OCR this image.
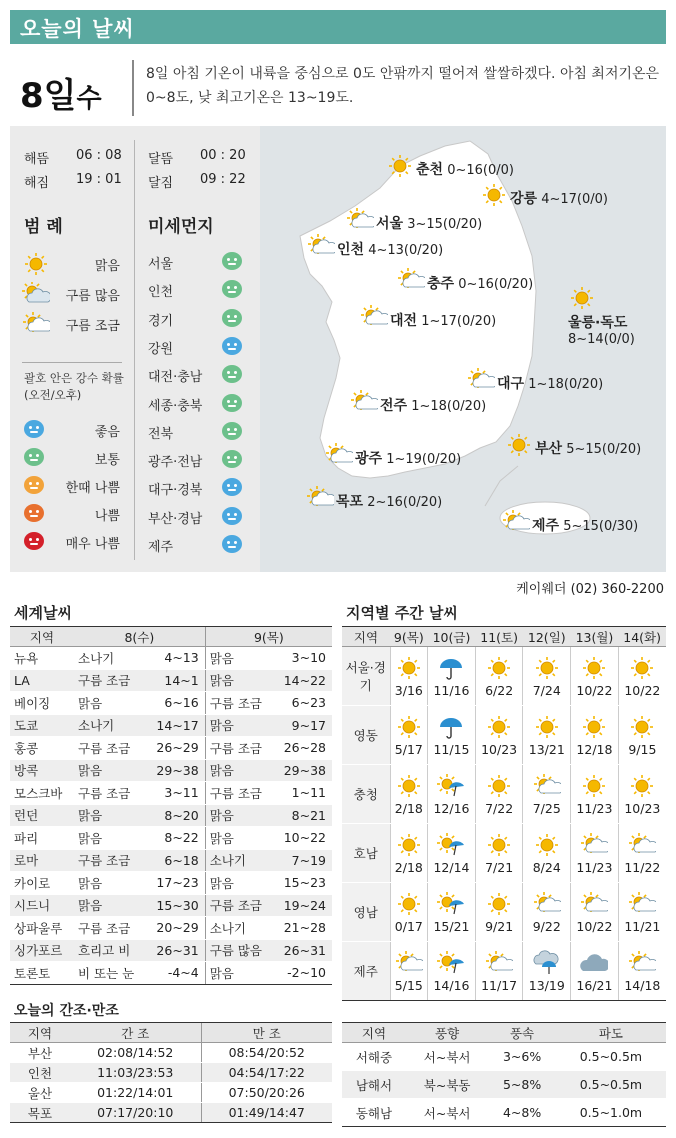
오늘의 날씨
8일수
8일 아침 기온이 내륙을 중심으로 0도 안팎까지 떨어져 쌀쌀하겠다. 아침 최저기온은 0~8도, 낮 최고기온은 13~19도.
해뜸 06 : 08
해짐 19 : 01
달뜸 00 : 20
달짐 09 : 22
범 례	미세먼지
괄호 안은 강수 확률 (오전/오후)
케이웨더 (02) 360-2200
세계날씨
지역	8(수)		9(목)	
뉴욕	소나기	4~13	맑음	3~10
LA	구름 조금	14~1	맑음	14~22
베이징	맑음	6~16	구름 조금	6~23
도쿄	소나기	14~17	맑음	9~17
홍콩	구름 조금	26~29	구름 조금	26~28
방콕	맑음	29~38	맑음	29~38
모스크바	구름 조금	3~11	구름 조금	1~11
런던	맑음	8~20	맑음	8~21
파리	맑음	8~22	맑음	10~22
로마	구름 조금	6~18	소나기	7~19
카이로	맑음	17~23	맑음	15~23
시드니	맑음	15~30	구름 조금	19~24
상파울루	구름 조금	20~29	소나기	21~28
싱가포르	흐리고 비	26~31	구름 많음	26~31
토론토	비 또는 눈	-4~4	맑음	-2~10
지역별 주간 날씨
지역	9(목)	10(금)	11(토)	12(일)	13(월)	14(화)
서울·경기	3/16	11/16	6/22	7/24	10/22	10/22
영동	5/17	11/15	10/23	13/21	12/18	9/15
충청	2/18	12/16	7/22	7/25	11/23	10/23
호남	2/18	12/14	7/21	8/24	11/23	11/22
영남	0/17	15/21	9/21	9/22	10/22	11/21
제주	5/15	14/16	11/17	13/19	16/21	14/18
오늘의 간조·만조
지역	간 조	만 조
부산	02:08/14:52	08:54/20:52
인천	11:03/23:53	04:54/17:22
울산	01:22/14:01	07:50/20:26
목포	07:17/20:10	01:49/14:47
지역	풍향	풍속	파도
서해중	서~북서	3~6%	0.5~0.5m
남해서	북~북동	5~8%	0.5~0.5m
동해남	서~북서	4~8%	0.5~1.0m
맑음
구름 많음
구름 조금
좋음
보통
한때 나쁨
나쁨
매우 나쁨
서울
인천
경기
강원
대전·충남
세종·충북
전북
광주·전남
대구·경북
부산·경남
제주
춘천 0~16(0/0)
강릉 4~17(0/0)
서울 3~15(0/20)
인천 4~13(0/20)
충주 0~16(0/20)
울릉·독도
8~14(0/0)
대전 1~17(0/20)
대구 1~18(0/20)
전주 1~18(0/20)
광주 1~19(0/20)
부산 5~15(0/20)
목포 2~16(0/20)
제주 5~15(0/30)
